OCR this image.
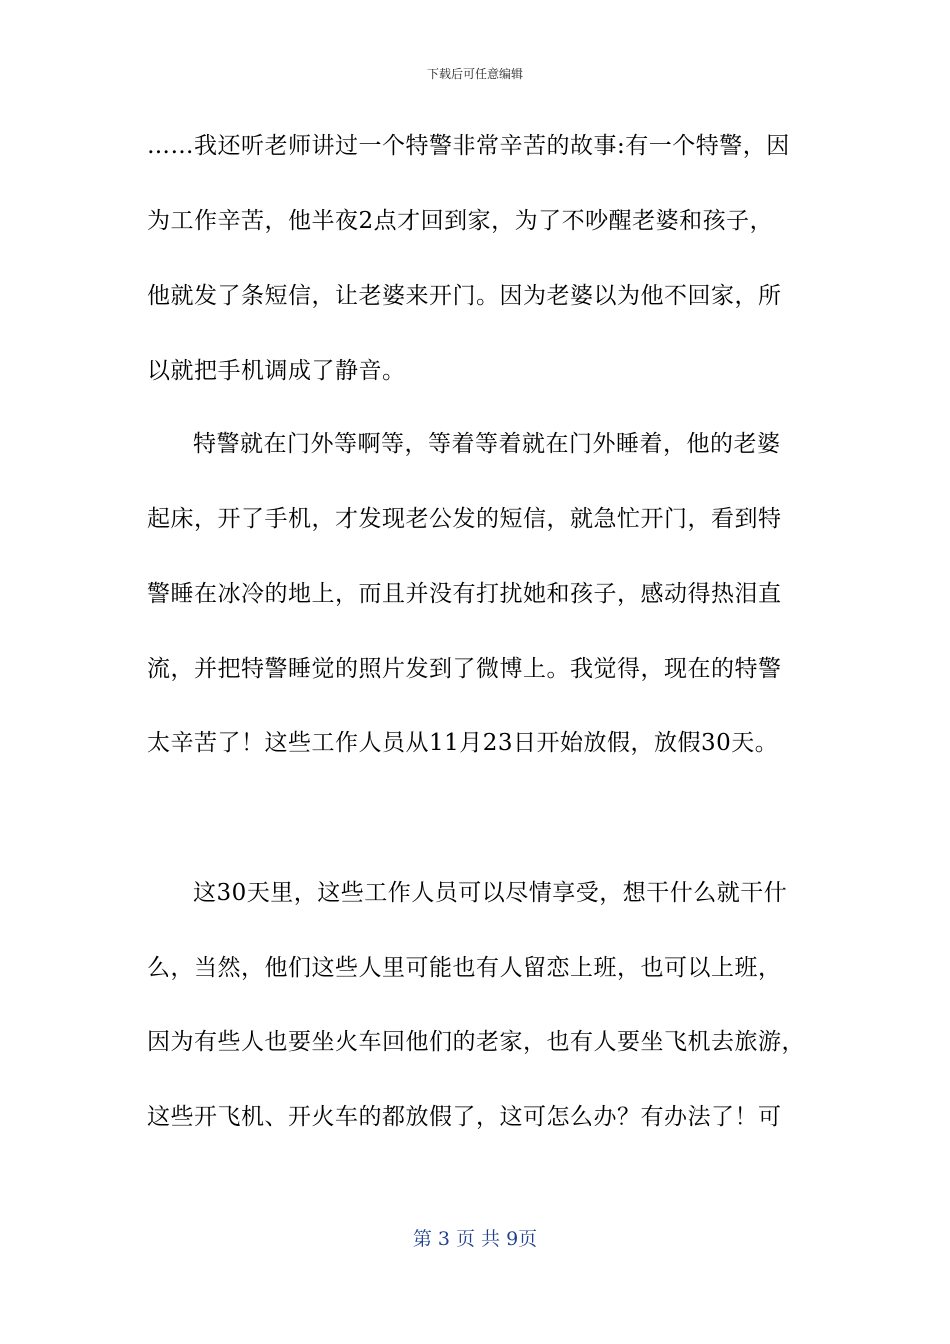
下载后可任意编辑
……我还听老师讲过一个特警非常辛苦的故事:有一个特警，因
为工作辛苦，他半夜2点才回到家，为了不吵醒老婆和孩子，
他就发了条短信，让老婆来开门。因为老婆以为他不回家，所
以就把手机调成了静音。
特警就在门外等啊等，等着等着就在门外睡着，他的老婆
起床，开了手机，才发现老公发的短信，就急忙开门，看到特
警睡在冰冷的地上，而且并没有打扰她和孩子，感动得热泪直
流，并把特警睡觉的照片发到了微博上。我觉得，现在的特警
太辛苦了！这些工作人员从11月23日开始放假，放假30天。
这30天里，这些工作人员可以尽情享受，想干什么就干什
么，当然，他们这些人里可能也有人留恋上班，也可以上班，
因为有些人也要坐火车回他们的老家，也有人要坐飞机去旅游，
这些开飞机、开火车的都放假了，这可怎么办？有办法了！可
第 3 页 共 9页
